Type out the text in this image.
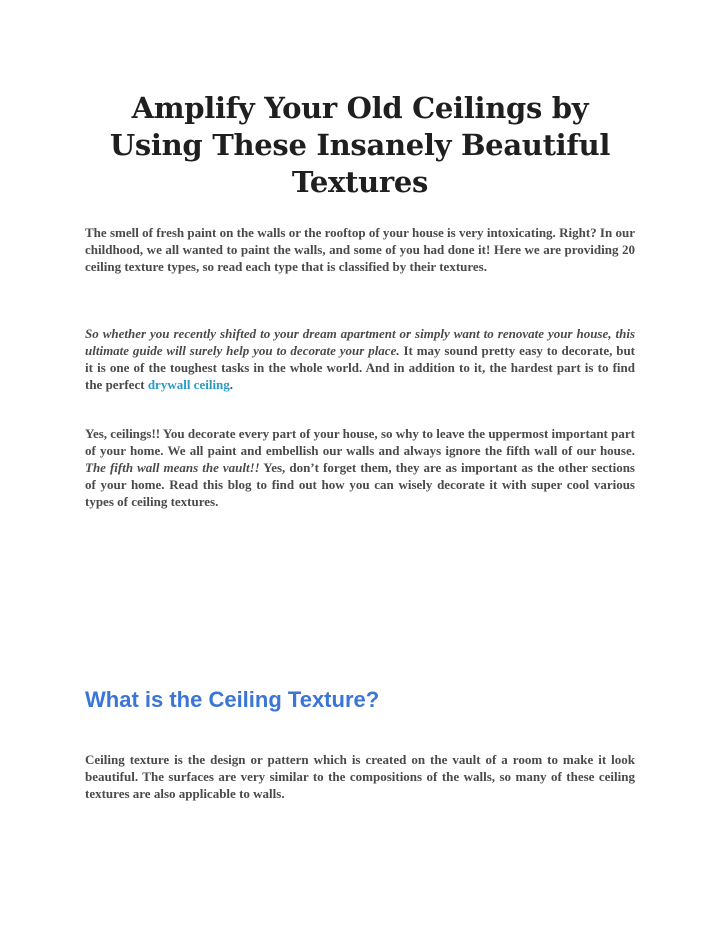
Amplify Your Old Ceilings by Using These Insanely Beautiful Textures

The smell of fresh paint on the walls or the rooftop of your house is very intoxicating. Right? In our childhood, we all wanted to paint the walls, and some of you had done it! Here we are providing 20 ceiling texture types, so read each type that is classified by their textures.

So whether you recently shifted to your dream apartment or simply want to renovate your house, this ultimate guide will surely help you to decorate your place. It may sound pretty easy to decorate, but it is one of the toughest tasks in the whole world. And in addition to it, the hardest part is to find the perfect drywall ceiling.

Yes, ceilings!! You decorate every part of your house, so why to leave the uppermost important part of your home. We all paint and embellish our walls and always ignore the fifth wall of our house. The fifth wall means the vault!! Yes, don’t forget them, they are as important as the other sections of your home. Read this blog to find out how you can wisely decorate it with super cool various types of ceiling textures.

What is the Ceiling Texture?

Ceiling texture is the design or pattern which is created on the vault of a room to make it look beautiful. The surfaces are very similar to the compositions of the walls, so many of these ceiling textures are also applicable to walls.
